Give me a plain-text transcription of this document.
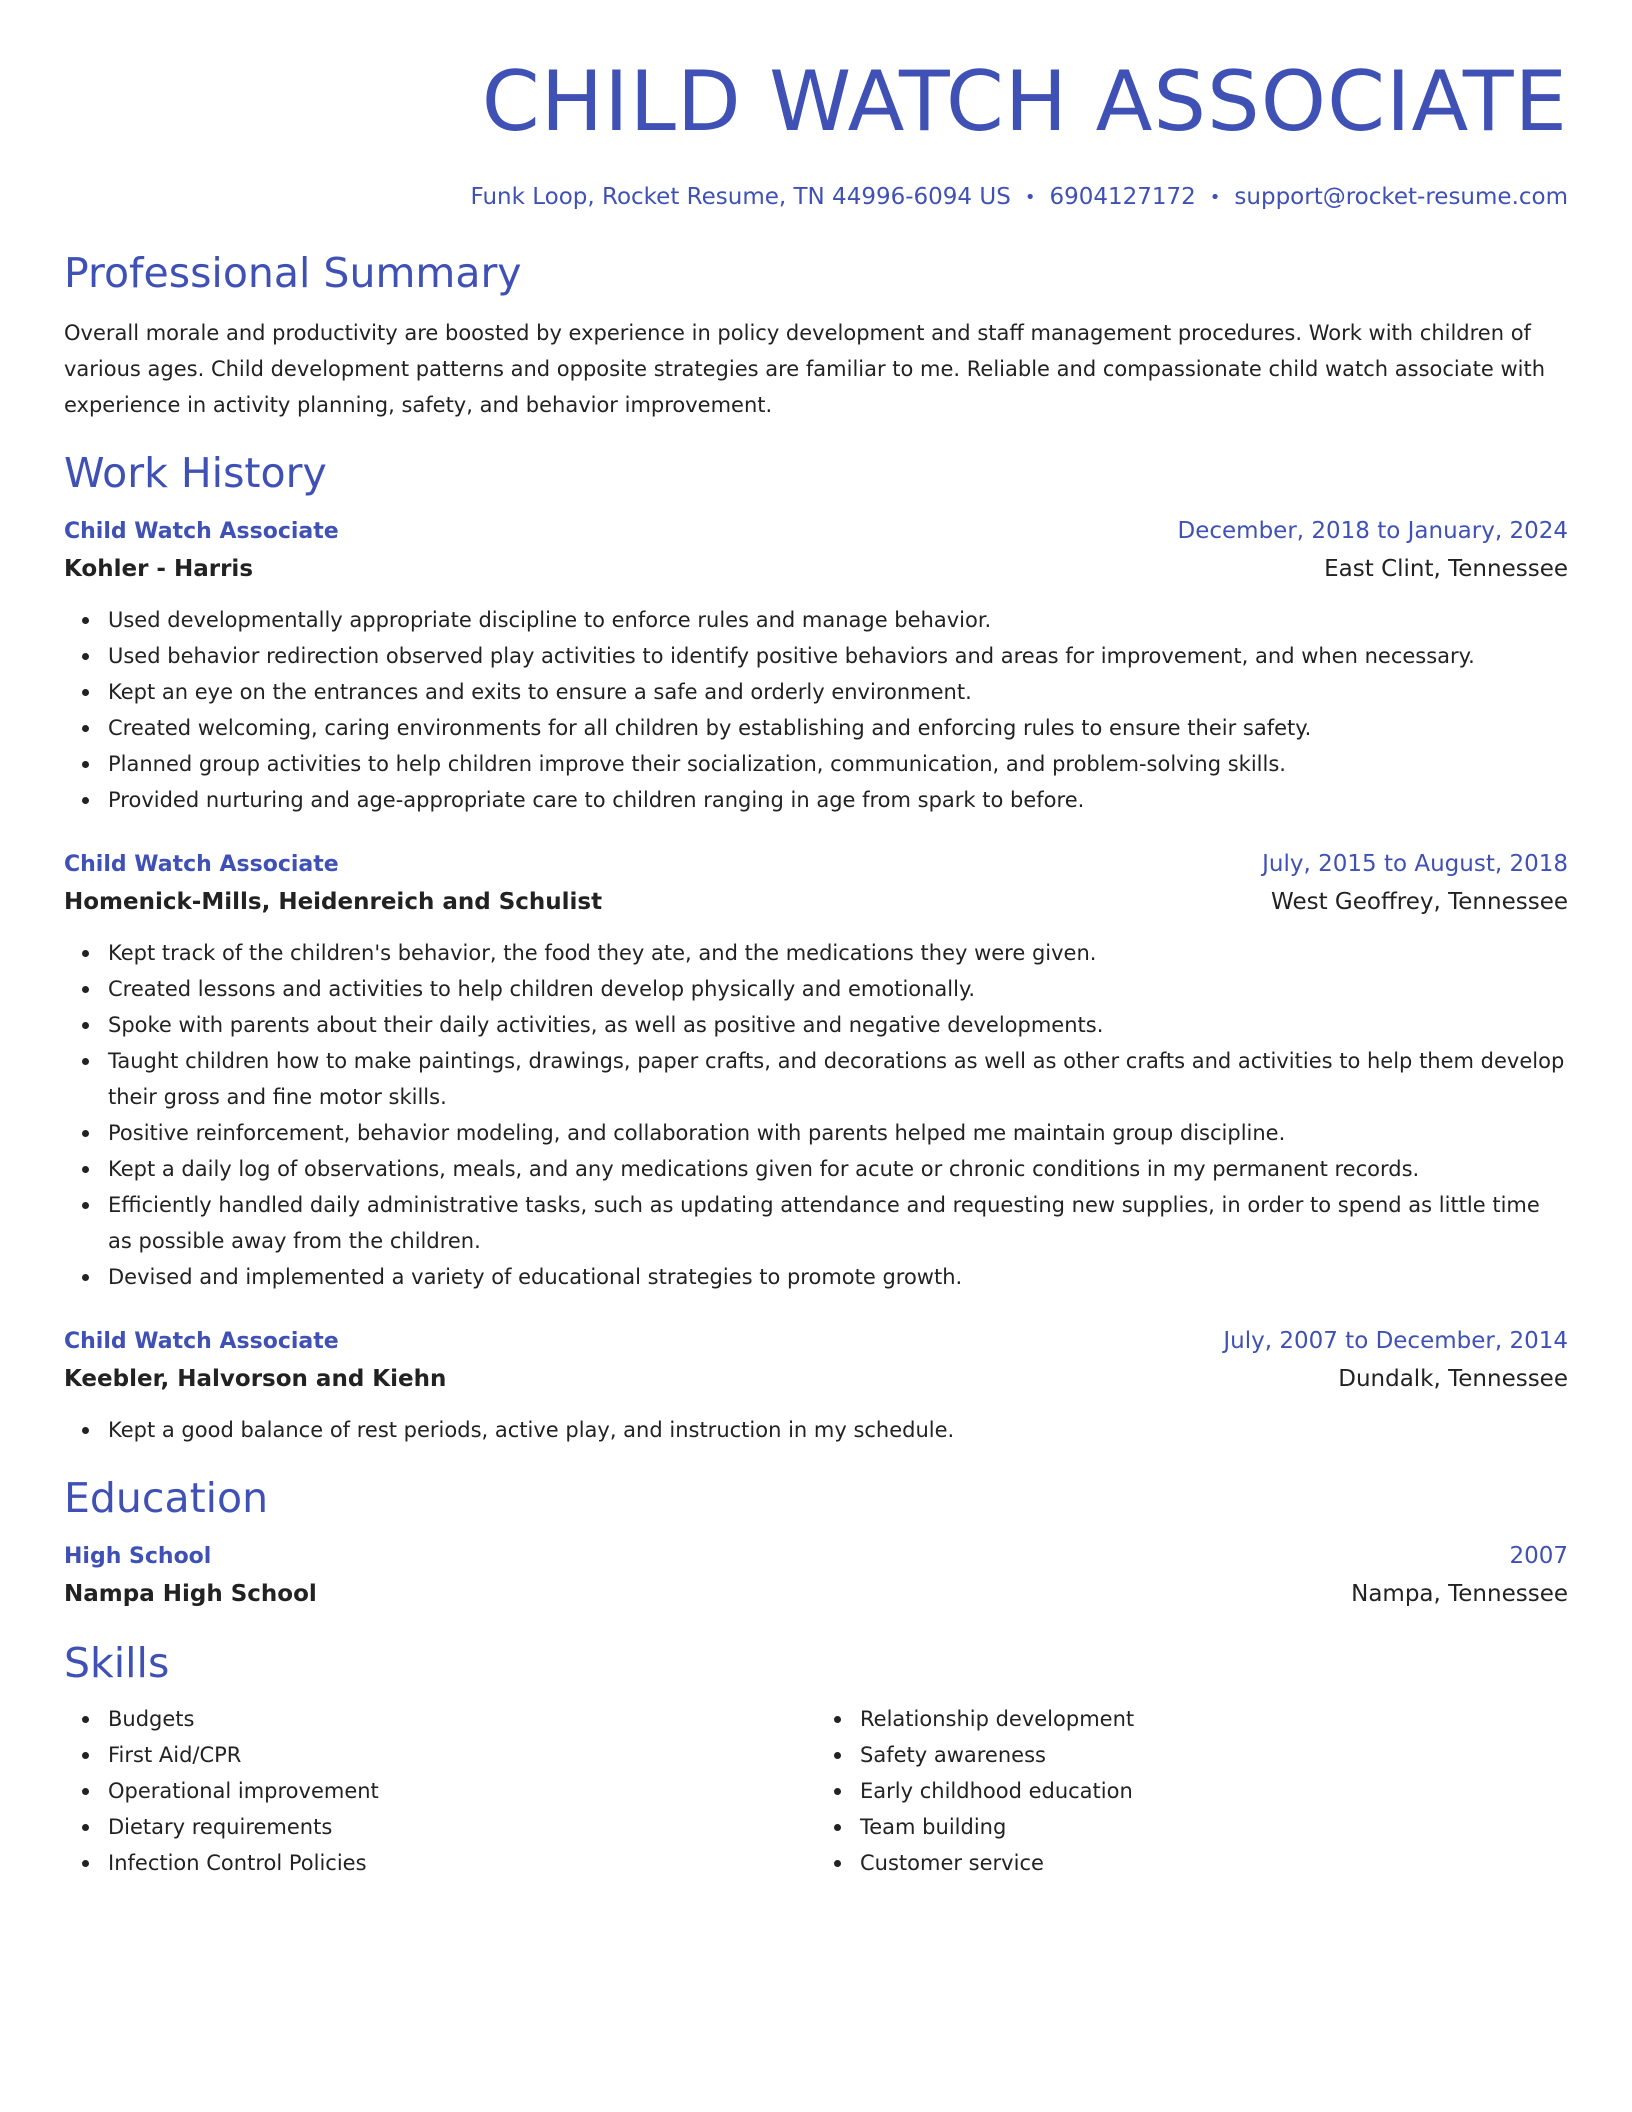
CHILD WATCH ASSOCIATE
Funk Loop, Rocket Resume, TN 44996-6094 US • 6904127172 • support@rocket-resume.com
Professional Summary

Overall morale and productivity are boosted by experience in policy development and staff management procedures. Work with children of various ages. Child development patterns and opposite strategies are familiar to me. Reliable and compassionate child watch associate with experience in activity planning, safety, and behavior improvement.

Work History
Child Watch Associate	December, 2018 to January, 2024
Kohler - Harris	East Clint, Tennessee
Used developmentally appropriate discipline to enforce rules and manage behavior.
Used behavior redirection observed play activities to identify positive behaviors and areas for improvement, and when necessary.
Kept an eye on the entrances and exits to ensure a safe and orderly environment.
Created welcoming, caring environments for all children by establishing and enforcing rules to ensure their safety.
Planned group activities to help children improve their socialization, communication, and problem-solving skills.
Provided nurturing and age-appropriate care to children ranging in age from spark to before.
Child Watch Associate	July, 2015 to August, 2018
Homenick-Mills, Heidenreich and Schulist	West Geoffrey, Tennessee
Kept track of the children's behavior, the food they ate, and the medications they were given.
Created lessons and activities to help children develop physically and emotionally.
Spoke with parents about their daily activities, as well as positive and negative developments.
Taught children how to make paintings, drawings, paper crafts, and decorations as well as other crafts and activities to help them develop their gross and fine motor skills.
Positive reinforcement, behavior modeling, and collaboration with parents helped me maintain group discipline.
Kept a daily log of observations, meals, and any medications given for acute or chronic conditions in my permanent records.
Efficiently handled daily administrative tasks, such as updating attendance and requesting new supplies, in order to spend as little time as possible away from the children.
Devised and implemented a variety of educational strategies to promote growth.
Child Watch Associate	July, 2007 to December, 2014
Keebler, Halvorson and Kiehn	Dundalk, Tennessee
Kept a good balance of rest periods, active play, and instruction in my schedule.
Education
High School	2007
Nampa High School	Nampa, Tennessee
Skills
Budgets
First Aid/CPR
Operational improvement
Dietary requirements
Infection Control Policies
Relationship development
Safety awareness
Early childhood education
Team building
Customer service
